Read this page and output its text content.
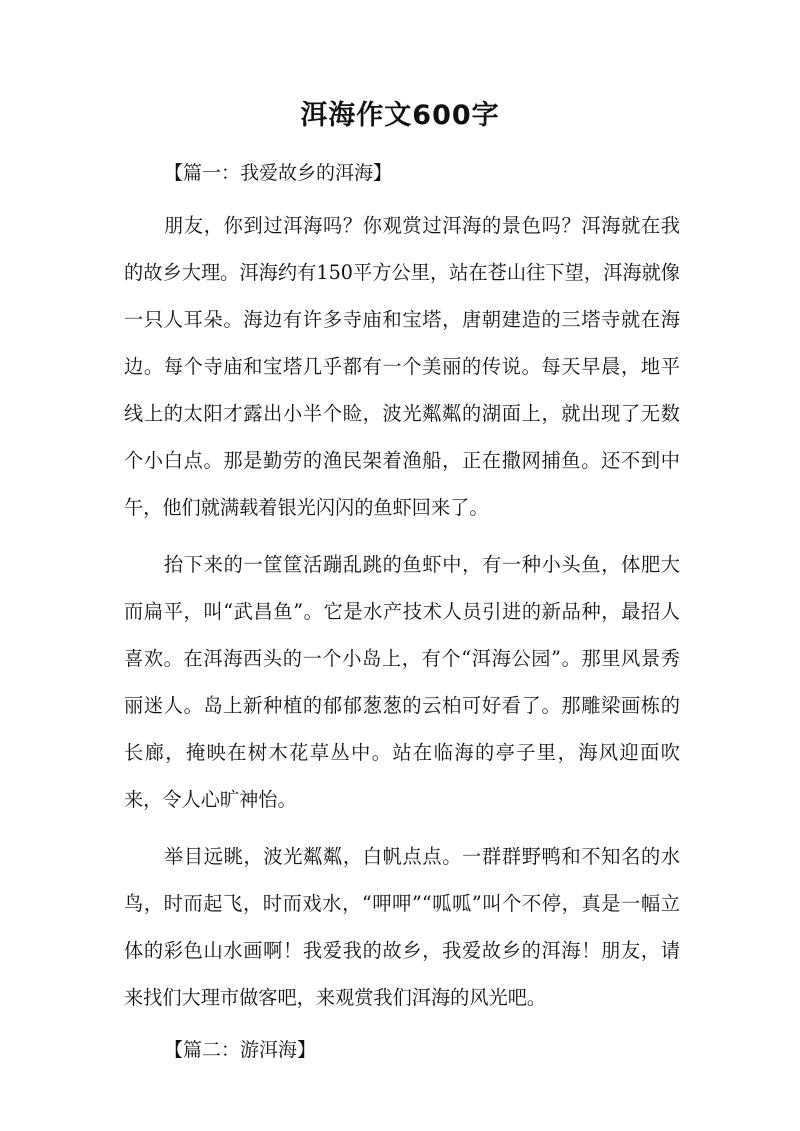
洱海作文600字

【篇一：我爱故乡的洱海】

朋友，你到过洱海吗？你观赏过洱海的景色吗？洱海就在我的故乡大理。洱海约有150平方公里，站在苍山往下望，洱海就像一只人耳朵。海边有许多寺庙和宝塔，唐朝建造的三塔寺就在海边。每个寺庙和宝塔几乎都有一个美丽的传说。每天早晨，地平线上的太阳才露出小半个睑，波光粼粼的湖面上，就出现了无数个小白点。那是勤劳的渔民架着渔船，正在撒网捕鱼。还不到中午，他们就满载着银光闪闪的鱼虾回来了。

抬下来的一筐筐活蹦乱跳的鱼虾中，有一种小头鱼，体肥大而扁平，叫“武昌鱼”。它是水产技术人员引进的新品种，最招人喜欢。在洱海西头的一个小岛上，有个“洱海公园”。那里风景秀丽迷人。岛上新种植的郁郁葱葱的云柏可好看了。那雕梁画栋的长廊，掩映在树木花草丛中。站在临海的亭子里，海风迎面吹来，令人心旷神怡。

举目远眺，波光粼粼，白帆点点。一群群野鸭和不知名的水鸟，时而起飞，时而戏水，“呷呷”“呱呱”叫个不停，真是一幅立体的彩色山水画啊！我爱我的故乡，我爱故乡的洱海！朋友，请来找们大理市做客吧，来观赏我们洱海的风光吧。

【篇二：游洱海】
